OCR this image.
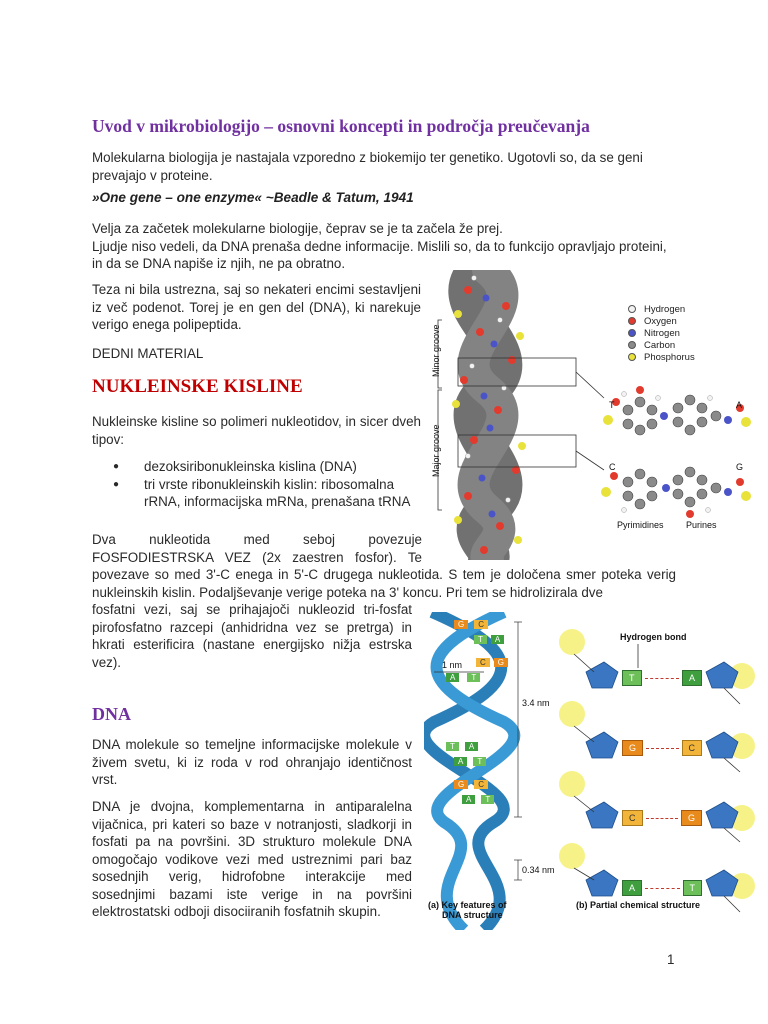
Uvod v mikrobiologijo – osnovni koncepti in področja preučevanja
Molekularna biologija je nastajala vzporedno z biokemijo ter genetiko. Ugotovli so, da se geni prevajajo v proteine.
»One gene – one enzyme« ~Beadle & Tatum, 1941
Velja za začetek molekularne biologije, čeprav se je ta začela že prej.
Ljudje niso vedeli, da DNA prenaša dedne informacije. Mislili so, da to funkcijo opravljajo proteini, in da se DNA napiše iz njih, ne pa obratno.
Teza ni bila ustrezna, saj so nekateri encimi sestavljeni iz več podenot. Torej je en gen del (DNA), ki narekuje verigo enega polipeptida.
DEDNI MATERIAL
NUKLEINSKE KISLINE
Nukleinske kisline so polimeri nukleotidov, in sicer dveh tipov:
● dezoksiribonukleinska kislina (DNA)
● tri vrste ribonukleinskih kislin: ribosomalna rRNA, informacijska mRNa, prenašana tRNA
Dva nukleotida med seboj povezuje FOSFODIESTRSKA VEZ (2x zaestren fosfor). Te
povezave so med 3'-C enega in 5'-C drugega nukleotida. S tem je določena smer poteka verig nukleinskih kislin. Podaljševanje verige poteka na 3' koncu. Pri tem se hidrolizirala dve
fosfatni vezi, saj se prihajajoči nukleozid tri-fosfat pirofosfatno razcepi (anhidridna vez se pretrga) in hkrati esterificira (nastane energijsko nižja estrska vez).
DNA
DNA molekule so temeljne informacijske molekule v živem svetu, ki iz roda v rod ohranjajo identičnost vrst.
DNA je dvojna, komplementarna in antiparalelna vijačnica, pri kateri so baze v notranjosti, sladkorji in fosfati pa na površini. 3D strukturo molekule DNA omogočajo vodikove vezi med ustreznimi pari baz sosednjih verig, hidrofobne interakcije med sosednjimi bazami iste verige in na površini elektrostatski odboji disociiranih fosfatnih skupin.
1
Minor groove
Major groove
Hydrogen
Oxygen
Nitrogen
Carbon
Phosphorus
T	A
C	G
Pyrimidines Purines
G	C
T	A
C	G
A	T
T	A
A	T
G	C
A	T
1 nm
3.4 nm
0.34 nm
Hydrogen bond
T	A
G	C
C	G
A	T
(a) Key features of
DNA structure
(b) Partial chemical structure
